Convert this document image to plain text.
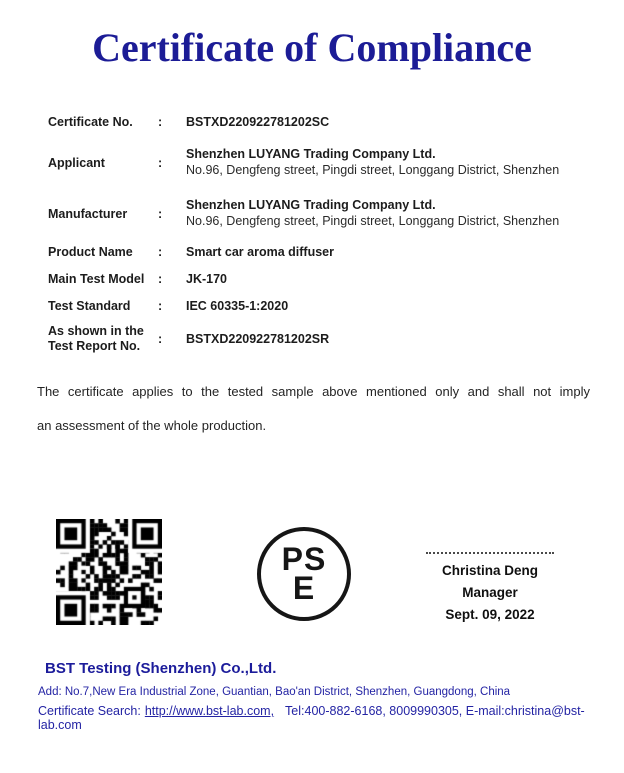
Certificate of Compliance
Certificate No.	:	BSTXD220922781202SC
Applicant	:
Shenzhen LUYANG Trading Company Ltd.
No.96, Dengfeng street, Pingdi street, Longgang District, Shenzhen
Manufacturer	:
Shenzhen LUYANG Trading Company Ltd.
No.96, Dengfeng street, Pingdi street, Longgang District, Shenzhen
Product Name	:	Smart car aroma diffuser
Main Test Model	:	JK-170
Test Standard	:	IEC 60335-1:2020
As shown in the
Test Report No.	:	BSTXD220922781202SR
The certificate applies to the tested sample above mentioned only and shall not imply
an assessment of the whole production.
PS
E	Christina Deng
Manager
Sept. 09, 2022
BST Testing (Shenzhen) Co.,Ltd.
Add: No.7,New Era Industrial Zone, Guantian, Bao'an District, Shenzhen, Guangdong, China
Certificate Search: http://www.bst-lab.com, Tel:400-882-6168, 8009990305, E-mail:christina@bst-lab.com
